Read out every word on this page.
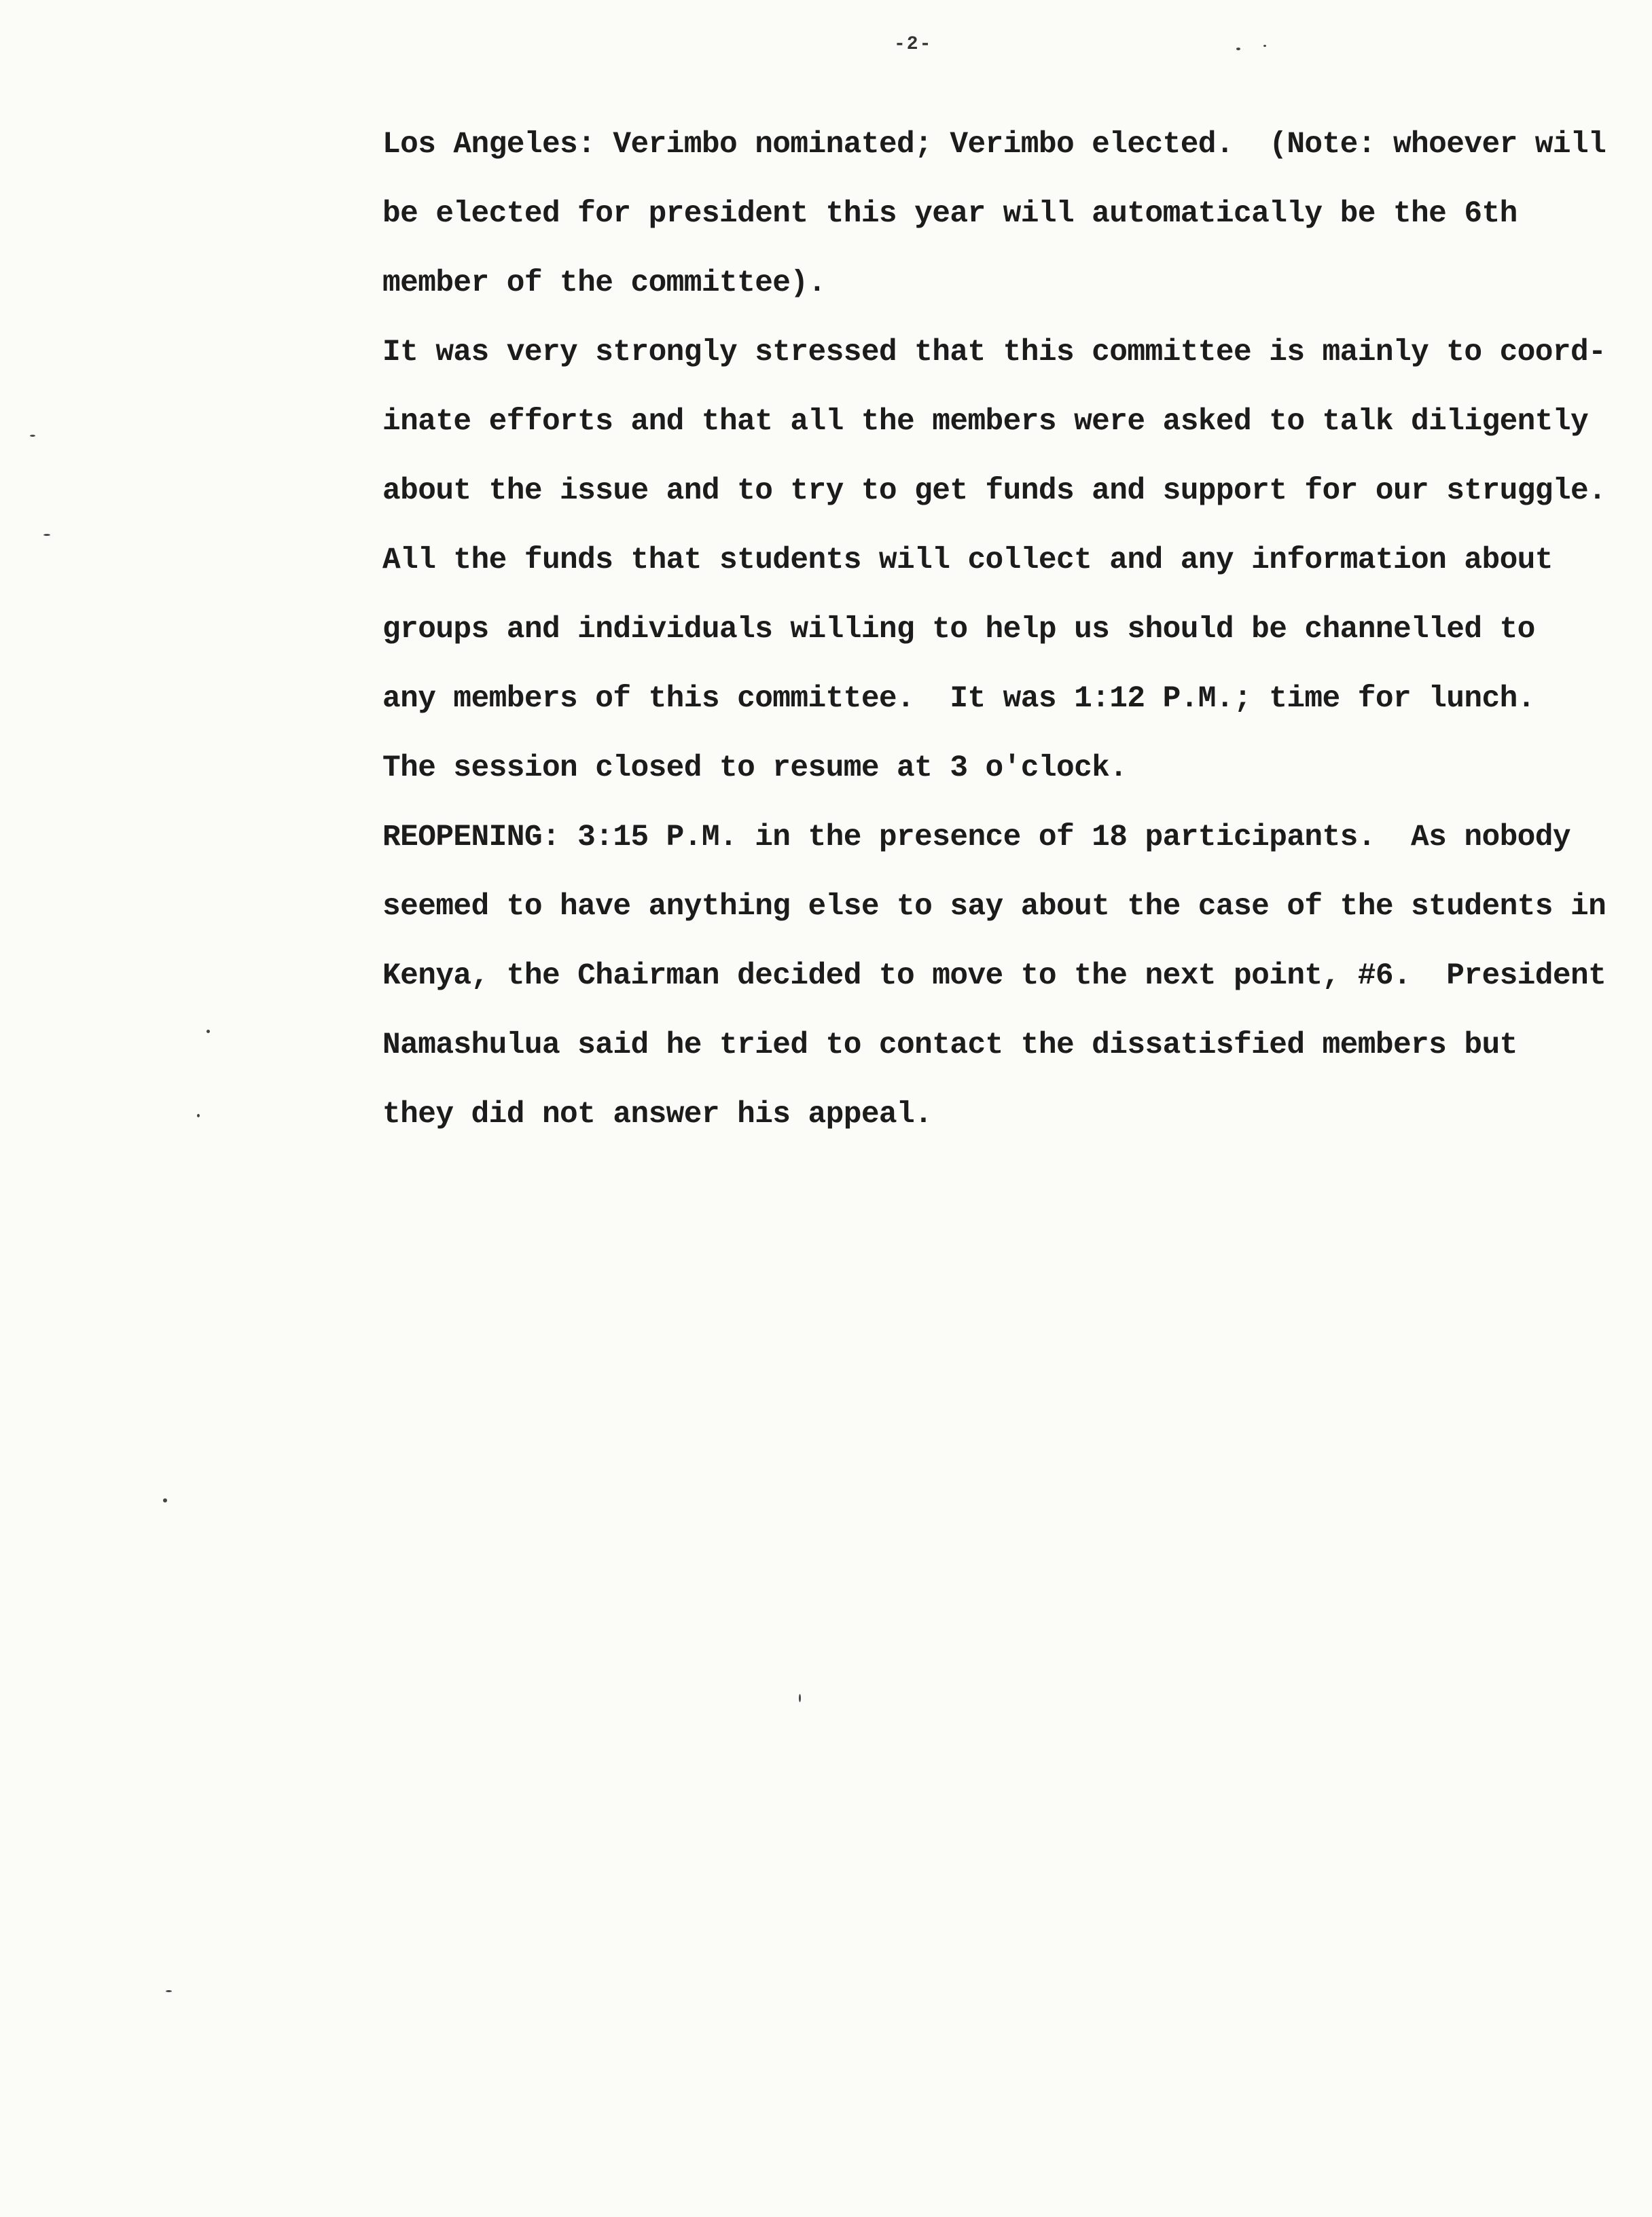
-2-
Los Angeles: Verimbo nominated; Verimbo elected.  (Note: whoever will
be elected for president this year will automatically be the 6th
member of the committee).
It was very strongly stressed that this committee is mainly to coord-
inate efforts and that all the members were asked to talk diligently
about the issue and to try to get funds and support for our struggle.
All the funds that students will collect and any information about
groups and individuals willing to help us should be channelled to
any members of this committee.  It was 1:12 P.M.; time for lunch.
The session closed to resume at 3 o'clock.
REOPENING: 3:15 P.M. in the presence of 18 participants.  As nobody
seemed to have anything else to say about the case of the students in
Kenya, the Chairman decided to move to the next point, #6.  President
Namashulua said he tried to contact the dissatisfied members but
they did not answer his appeal.
